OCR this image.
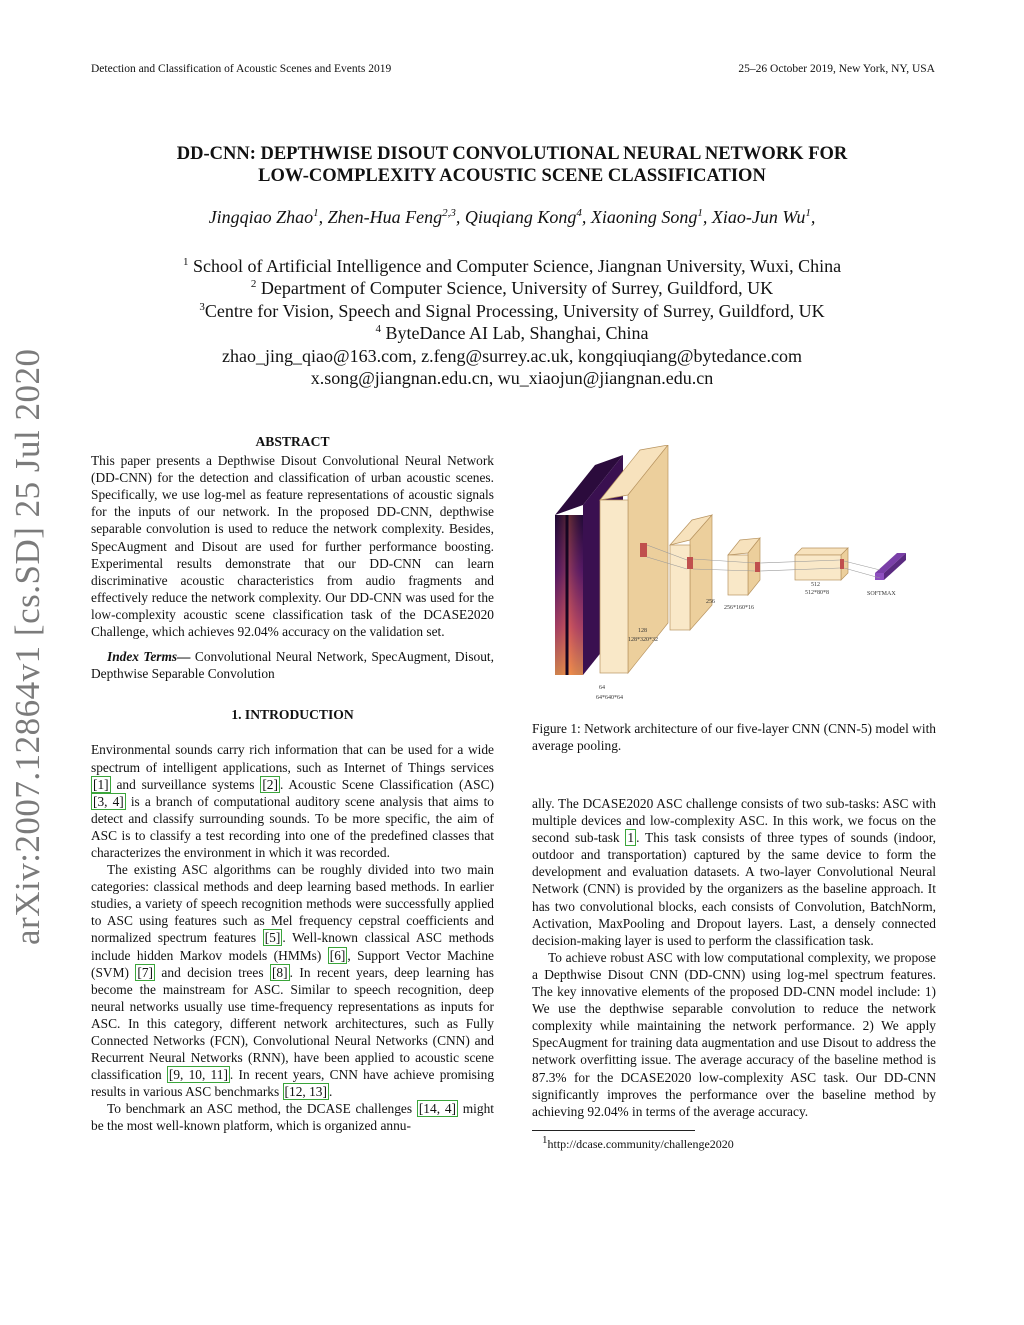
Detection and Classification of Acoustic Scenes and Events 2019	25–26 October 2019, New York, NY, USA
arXiv:2007.12864v1 [cs.SD] 25 Jul 2020
DD-CNN: DEPTHWISE DISOUT CONVOLUTIONAL NEURAL NETWORK FOR
LOW-COMPLEXITY ACOUSTIC SCENE CLASSIFICATION
Jingqiao Zhao$^1$, Zhen-Hua Feng$^{2,3}$, Qiuqiang Kong$^4$, Xiaoning Song$^1$, Xiao-Jun Wu$^1$,
$^1$ School of Artificial Intelligence and Computer Science, Jiangnan University, Wuxi, China
$^2$ Department of Computer Science, University of Surrey, Guildford, UK
$^3$Centre for Vision, Speech and Signal Processing, University of Surrey, Guildford, UK
$^4$ ByteDance AI Lab, Shanghai, China
zhao_jing_qiao@163.com, z.feng@surrey.ac.uk, kongqiuqiang@bytedance.com
x.song@jiangnan.edu.cn, wu_xiaojun@jiangnan.edu.cn
ABSTRACT

This paper presents a Depthwise Disout Convolutional Neural Network (DD-CNN) for the detection and classification of urban acoustic scenes. Specifically, we use log-mel as feature representations of acoustic signals for the inputs of our network. In the proposed DD-CNN, depthwise separable convolution is used to reduce the network complexity. Besides, SpecAugment and Disout are used for further performance boosting. Experimental results demonstrate that our DD-CNN can learn discriminative acoustic characteristics from audio fragments and effectively reduce the network complexity. Our DD-CNN was used for the low-complexity acoustic scene classification task of the DCASE2020 Challenge, which achieves 92.04% accuracy on the validation set.

Index Terms— Convolutional Neural Network, SpecAugment, Disout, Depthwise Separable Convolution

1. INTRODUCTION

Environmental sounds carry rich information that can be used for a wide spectrum of intelligent applications, such as Internet of Things services [1] and surveillance systems [2] . Acoustic Scene Classification (ASC) [3, 4] is a branch of computational auditory scene analysis that aims to detect and classify surrounding sounds. To be more specific, the aim of ASC is to classify a test recording into one of the predefined classes that characterizes the environment in which it was recorded.

The existing ASC algorithms can be roughly divided into two main categories: classical methods and deep learning based methods. In earlier studies, a variety of speech recognition methods were successfully applied to ASC using features such as Mel frequency cepstral coefficients and normalized spectrum features [5] . Well-known classical ASC methods include hidden Markov models (HMMs) [6] , Support Vector Machine (SVM) [7] and decision trees [8] . In recent years, deep learning has become the mainstream for ASC. Similar to speech recognition, deep neural networks usually use time-frequency representations as inputs for ASC. In this category, different network architectures, such as Fully Connected Networks (FCN), Convolutional Neural Networks (CNN) and Recurrent Neural Networks (RNN), have been applied to acoustic scene classification [9, 10, 11] . In recent years, CNN have achieve promising results in various ASC benchmarks [12, 13] .

To benchmark an ASC method, the DCASE challenges [14, 4] might be the most well-known platform, which is organized annu-

64
64*640*64
128
128*320*32
256
256*160*16
512
512*80*8	SOFTMAX
Figure 1: Network architecture of our five-layer CNN (CNN-5) model with average pooling.

ally. The DCASE2020 ASC challenge consists of two sub-tasks: ASC with multiple devices and low-complexity ASC. In this work, we focus on the second sub-task 1 . This task consists of three types of sounds (indoor, outdoor and transportation) captured by the same device to form the development and evaluation datasets. A two-layer Convolutional Neural Network (CNN) is provided by the organizers as the baseline approach. It has two convolutional blocks, each consists of Convolution, BatchNorm, Activation, MaxPooling and Dropout layers. Last, a densely connected decision-making layer is used to perform the classification task.

To achieve robust ASC with low computational complexity, we propose a Depthwise Disout CNN (DD-CNN) using log-mel spectrum features. The key innovative elements of the proposed DD-CNN model include: 1) We use the depthwise separable convolution to reduce the network complexity while maintaining the network performance. 2) We apply SpecAugment for training data augmentation and use Disout to address the network overfitting issue. The average accuracy of the baseline method is 87.3% for the DCASE2020 low-complexity ASC task. Our DD-CNN significantly improves the performance over the baseline method by achieving 92.04% in terms of the average accuracy.

$^1$http://dcase.community/challenge2020
